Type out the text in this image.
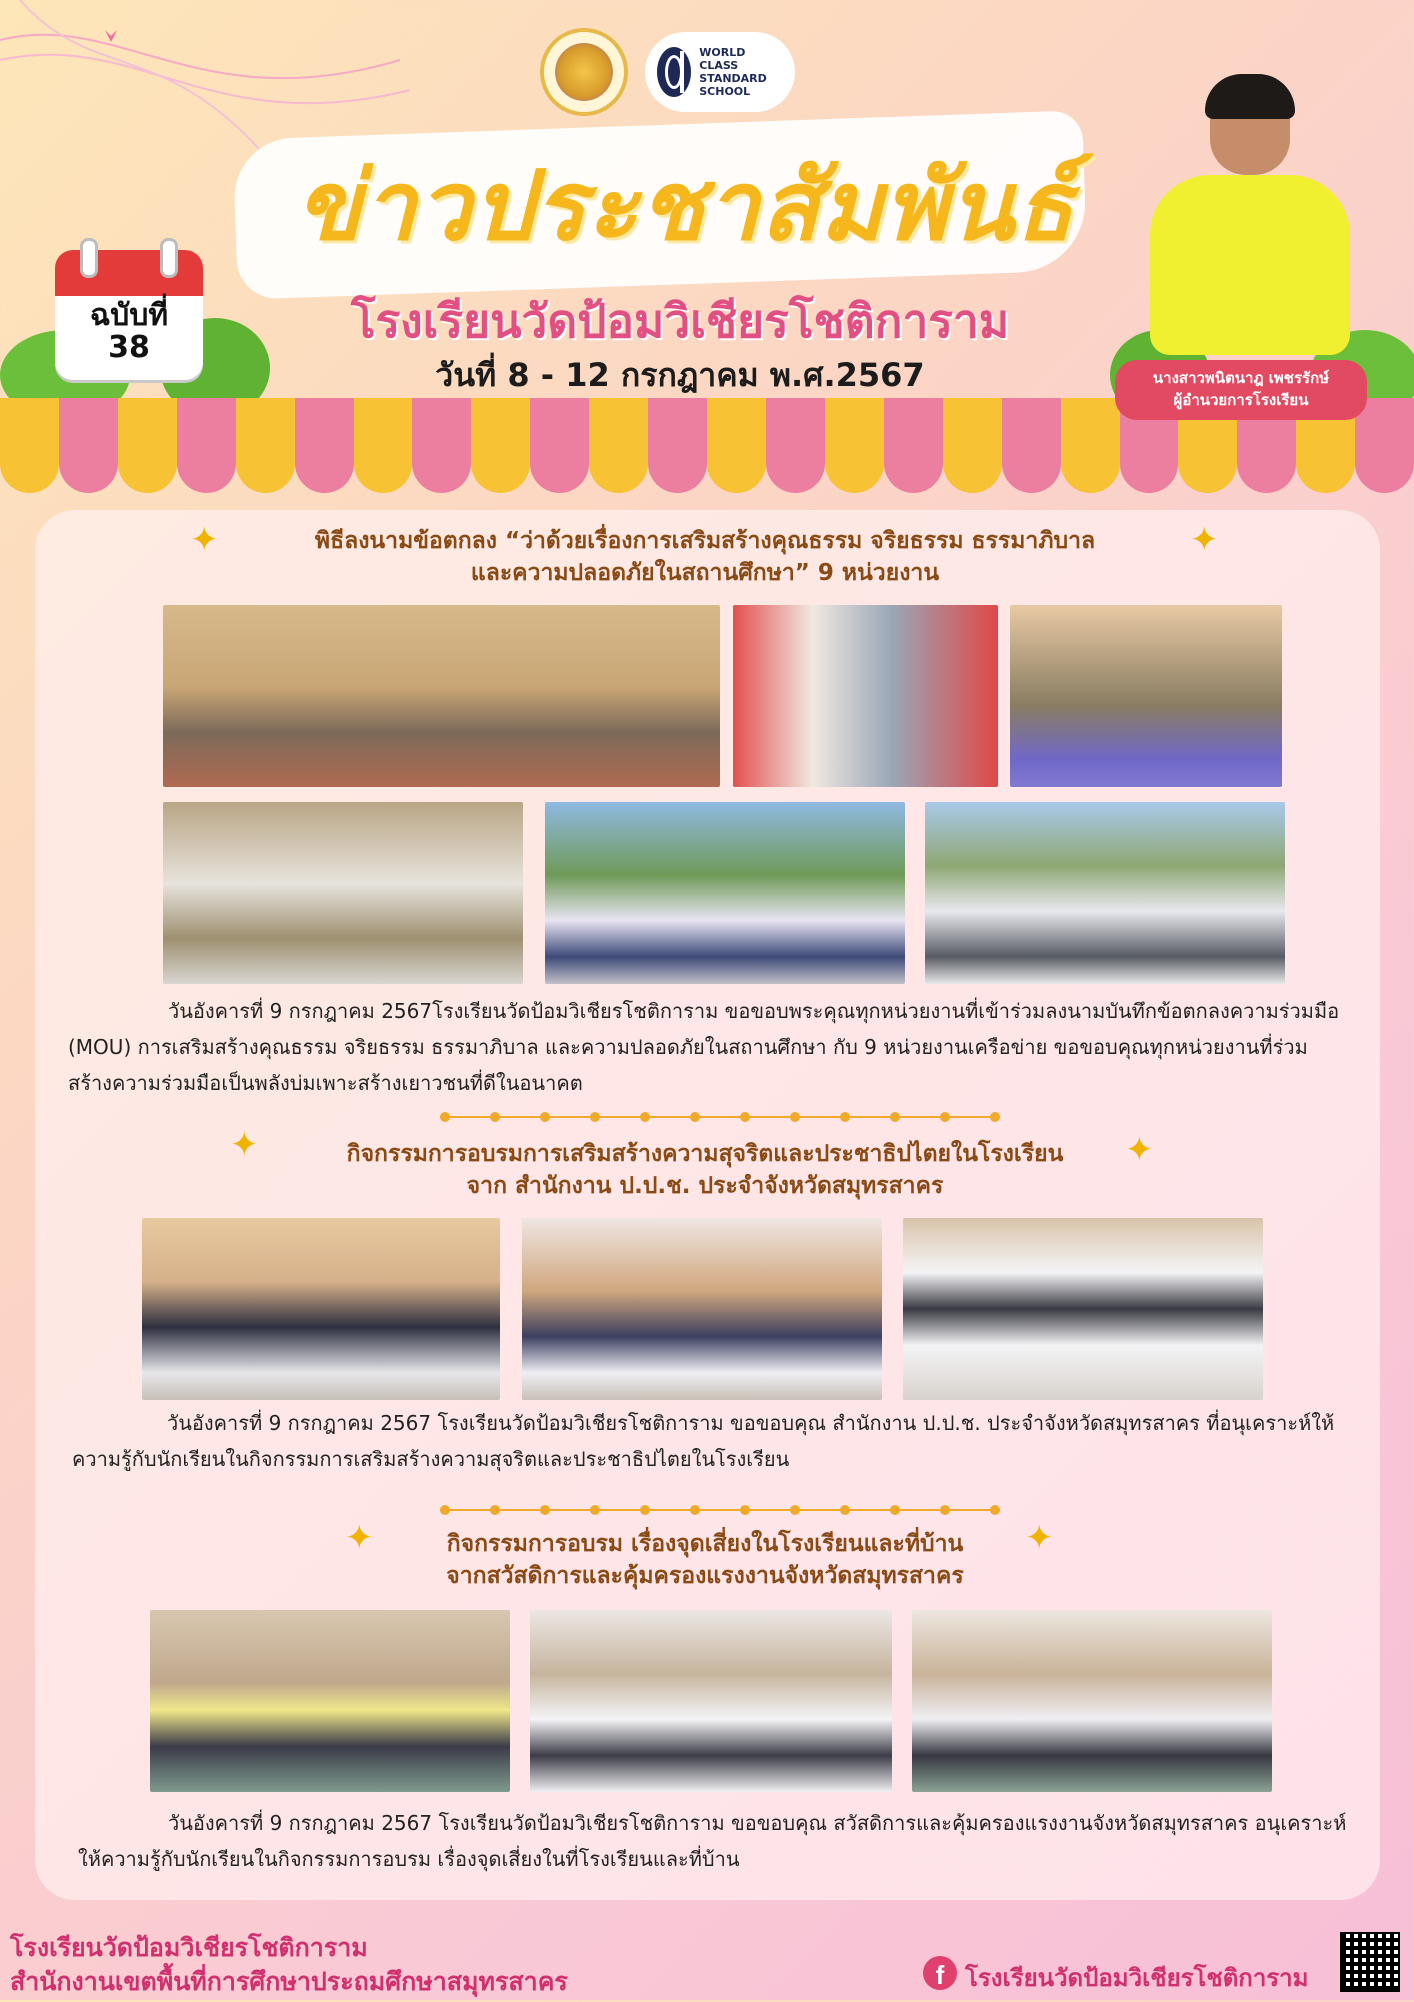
WORLD CLASS
STANDARD SCHOOL
ข่าวประชาสัมพันธ์
โรงเรียนวัดป้อมวิเชียรโชติการาม
วันที่ 8 - 12 กรกฎาคม พ.ศ.2567
ฉบับที่
38
นางสาวพนิตนาฎ เพชรรักษ์
ผู้อำนวยการโรงเรียน
✦	✦
พิธีลงนามข้อตกลง “ว่าด้วยเรื่องการเสริมสร้างคุณธรรม จริยธรรม ธรรมาภิบาล
และความปลอดภัยในสถานศึกษา” 9 หน่วยงาน
วันอังคารที่ 9 กรกฎาคม 2567โรงเรียนวัดป้อมวิเชียรโชติการาม ขอขอบพระคุณทุกหน่วยงานที่เข้าร่วมลงนามบันทึกข้อตกลงความร่วมมือ (MOU) การเสริมสร้างคุณธรรม จริยธรรม ธรรมาภิบาล และความปลอดภัยในสถานศึกษา กับ 9 หน่วยงานเครือข่าย ขอขอบคุณทุกหน่วยงานที่ร่วมสร้างความร่วมมือเป็นพลังบ่มเพาะสร้างเยาวชนที่ดีในอนาคต
✦	✦
กิจกรรมการอบรมการเสริมสร้างความสุจริตและประชาธิปไตยในโรงเรียน
จาก สำนักงาน ป.ป.ช. ประจำจังหวัดสมุทรสาคร
วันอังคารที่ 9 กรกฎาคม 2567 โรงเรียนวัดป้อมวิเชียรโชติการาม ขอขอบคุณ สำนักงาน ป.ป.ช. ประจำจังหวัดสมุทรสาคร ที่อนุเคราะห์ให้ความรู้กับนักเรียนในกิจกรรมการเสริมสร้างความสุจริตและประชาธิปไตยในโรงเรียน
✦	✦
กิจกรรมการอบรม เรื่องจุดเสี่ยงในโรงเรียนและที่บ้าน
จากสวัสดิการและคุ้มครองแรงงานจังหวัดสมุทรสาคร
วันอังคารที่ 9 กรกฎาคม 2567 โรงเรียนวัดป้อมวิเชียรโชติการาม ขอขอบคุณ สวัสดิการและคุ้มครองแรงงานจังหวัดสมุทรสาคร อนุเคราะห์ให้ความรู้กับนักเรียนในกิจกรรมการอบรม เรื่องจุดเสี่ยงในที่โรงเรียนและที่บ้าน
โรงเรียนวัดป้อมวิเชียรโชติการาม
สำนักงานเขตพื้นที่การศึกษาประถมศึกษาสมุทรสาคร	f โรงเรียนวัดป้อมวิเชียรโชติการาม
